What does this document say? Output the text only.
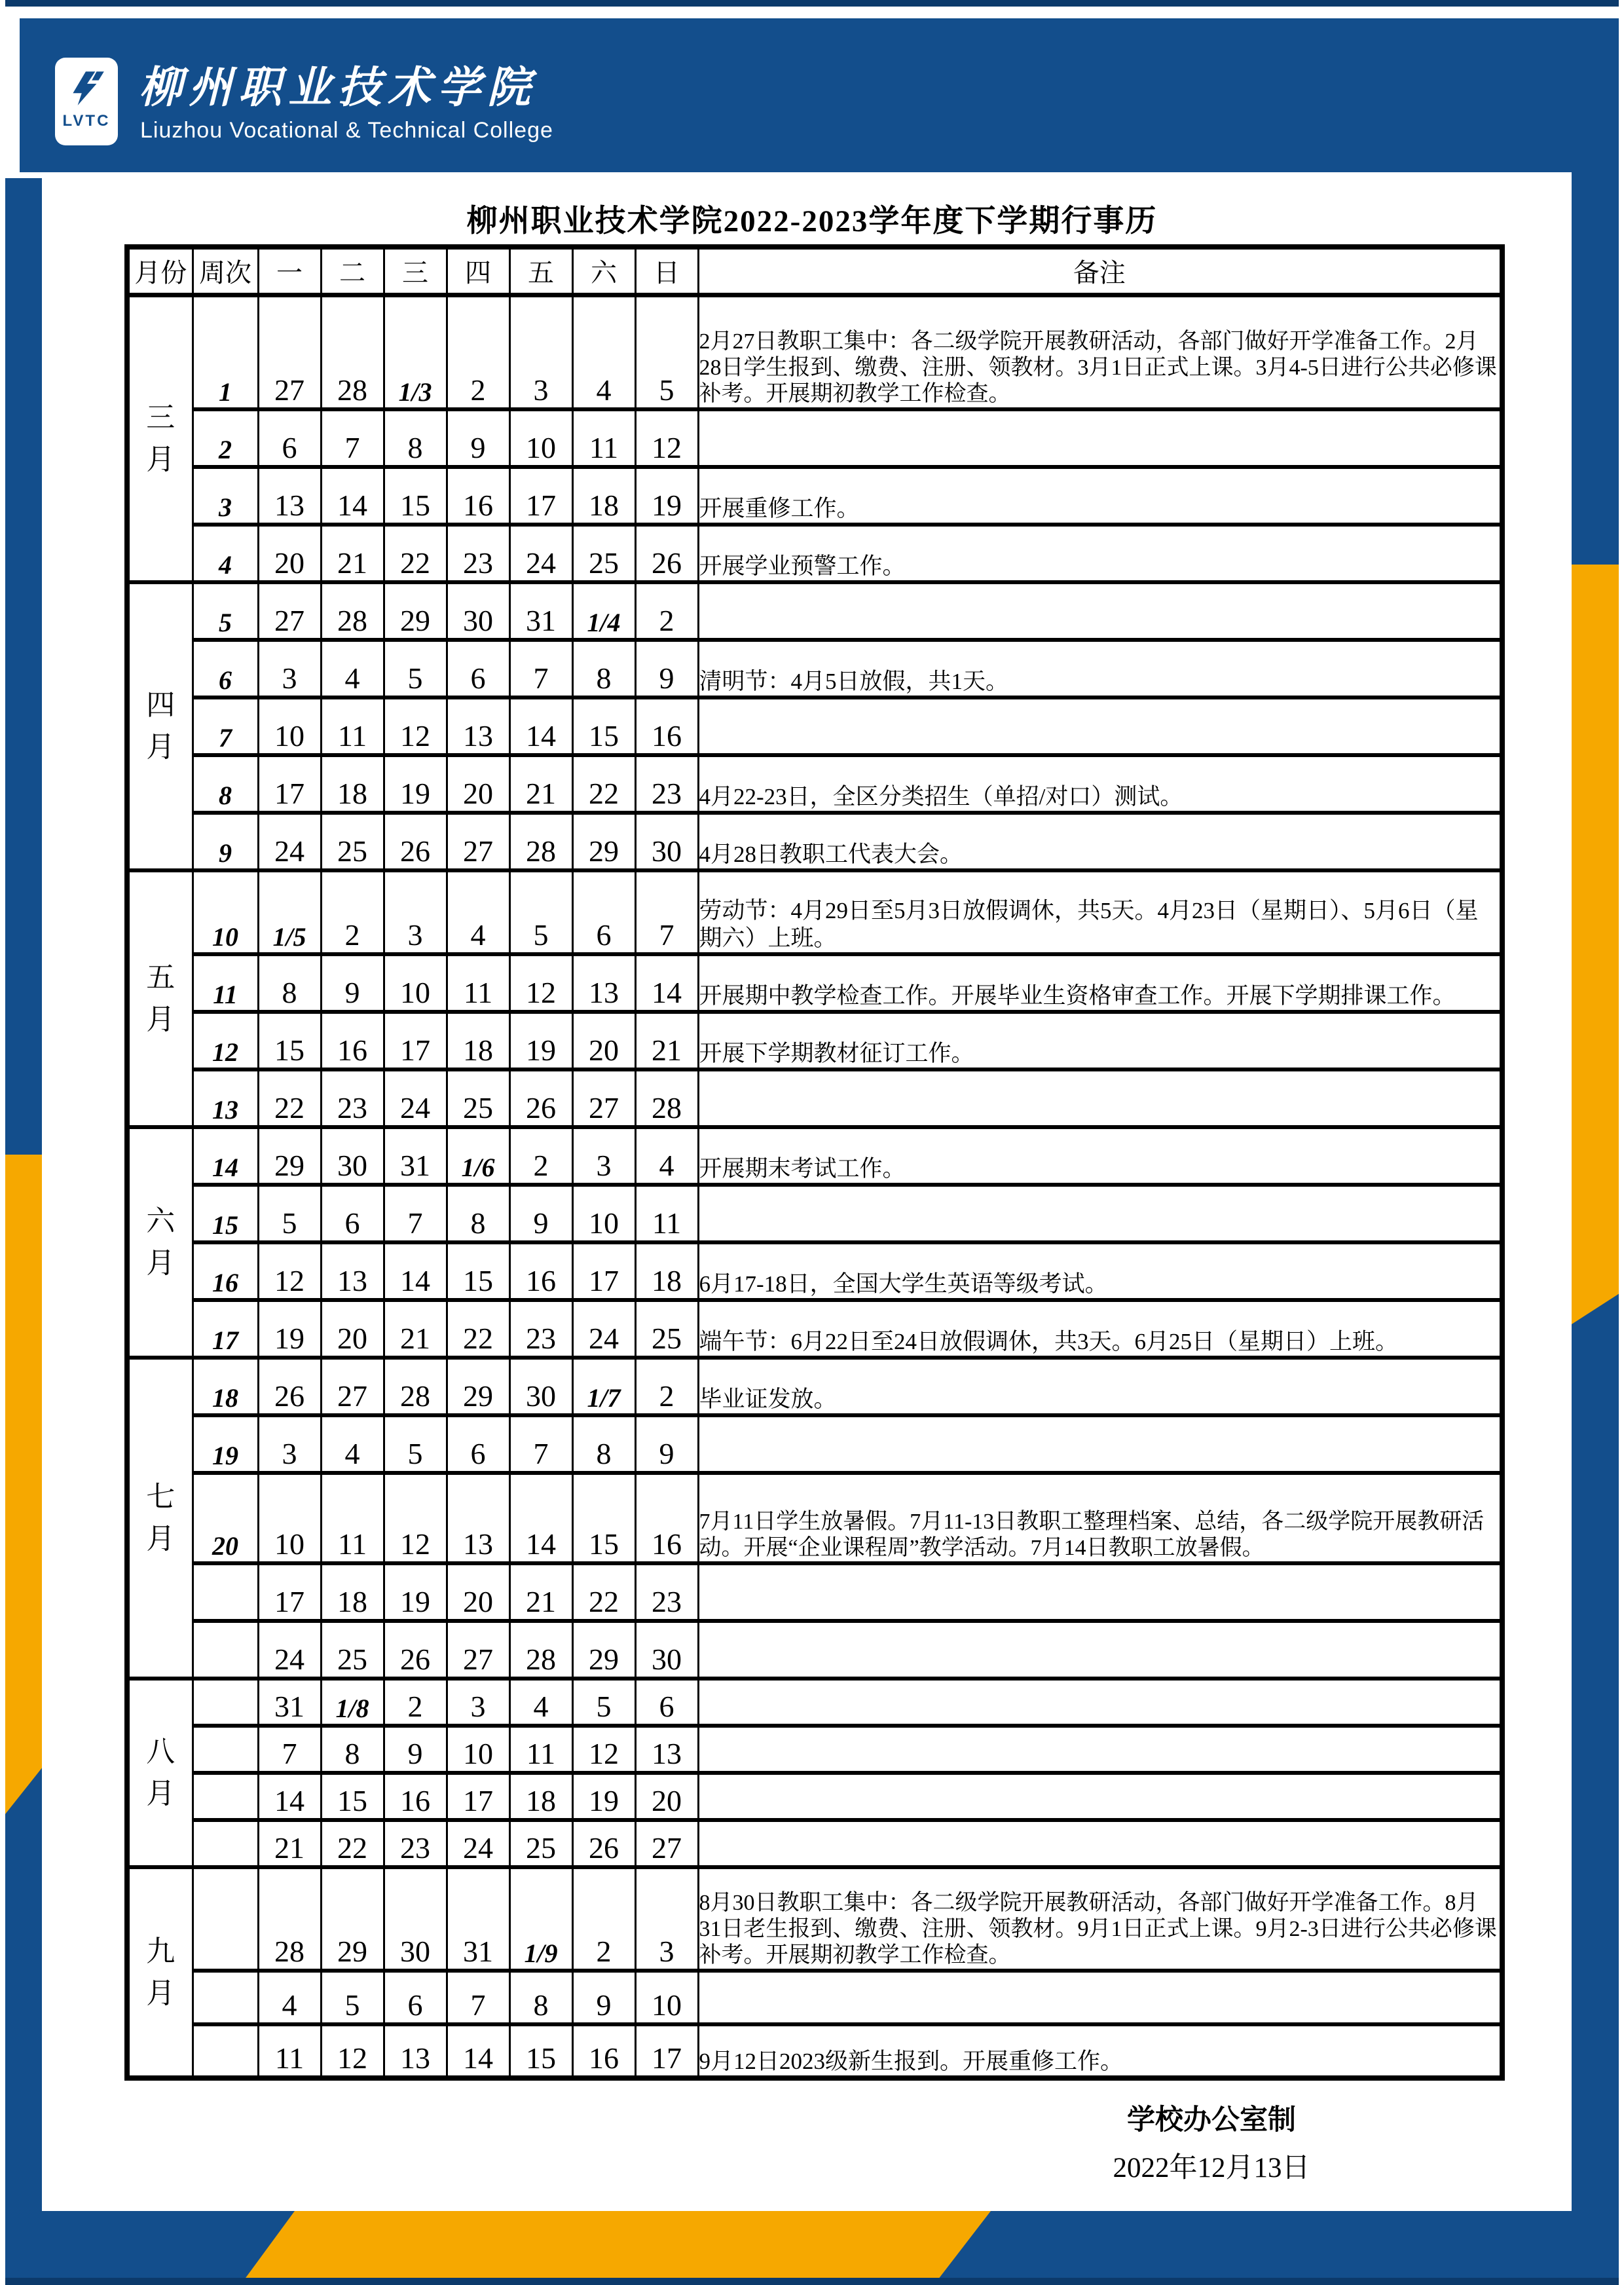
LVTC
柳州职业技术学院
Liuzhou Vocational & Technical College
柳州职业技术学院2022-2023学年度下学期行事历
月份	周次	一	二	三	四	五	六	日	备注

三
月	1	27	28	1/3	2	3	4	5	2月27日教职工集中：各二级学院开展教研活动，各部门做好开学准备工作。2月28日学生报到、缴费、注册、领教材。3月1日正式上课。3月4-5日进行公共必修课补考。开展期初教学工作检查。
	2	6	7	8	9	10	11	12	
	3	13	14	15	16	17	18	19	开展重修工作。
	4	20	21	22	23	24	25	26	开展学业预警工作。

四
月	5	27	28	29	30	31	1/4	2	
	6	3	4	5	6	7	8	9	清明节：4月5日放假，共1天。
	7	10	11	12	13	14	15	16	
	8	17	18	19	20	21	22	23	4月22-23日，全区分类招生（单招/对口）测试。
	9	24	25	26	27	28	29	30	4月28日教职工代表大会。

五
月	10	1/5	2	3	4	5	6	7	劳动节：4月29日至5月3日放假调休，共5天。4月23日（星期日）、5月6日（星期六）上班。
	11	8	9	10	11	12	13	14	开展期中教学检查工作。开展毕业生资格审查工作。开展下学期排课工作。
	12	15	16	17	18	19	20	21	开展下学期教材征订工作。
	13	22	23	24	25	26	27	28	

六
月	14	29	30	31	1/6	2	3	4	开展期末考试工作。
	15	5	6	7	8	9	10	11	
	16	12	13	14	15	16	17	18	6月17-18日，全国大学生英语等级考试。
	17	19	20	21	22	23	24	25	端午节：6月22日至24日放假调休，共3天。6月25日（星期日）上班。

七
月	18	26	27	28	29	30	1/7	2	毕业证发放。
	19	3	4	5	6	7	8	9	
	20	10	11	12	13	14	15	16	7月11日学生放暑假。7月11-13日教职工整理档案、总结，各二级学院开展教研活动。开展“企业课程周”教学活动。7月14日教职工放暑假。
		17	18	19	20	21	22	23	
		24	25	26	27	28	29	30	

八
月		31	1/8	2	3	4	5	6	
		7	8	9	10	11	12	13	
		14	15	16	17	18	19	20	
		21	22	23	24	25	26	27	

九
月		28	29	30	31	1/9	2	3	8月30日教职工集中：各二级学院开展教研活动，各部门做好开学准备工作。8月31日老生报到、缴费、注册、领教材。9月1日正式上课。9月2-3日进行公共必修课补考。开展期初教学工作检查。
		4	5	6	7	8	9	10	
		11	12	13	14	15	16	17	9月12日2023级新生报到。开展重修工作。
学校办公室制
2022年12月13日
